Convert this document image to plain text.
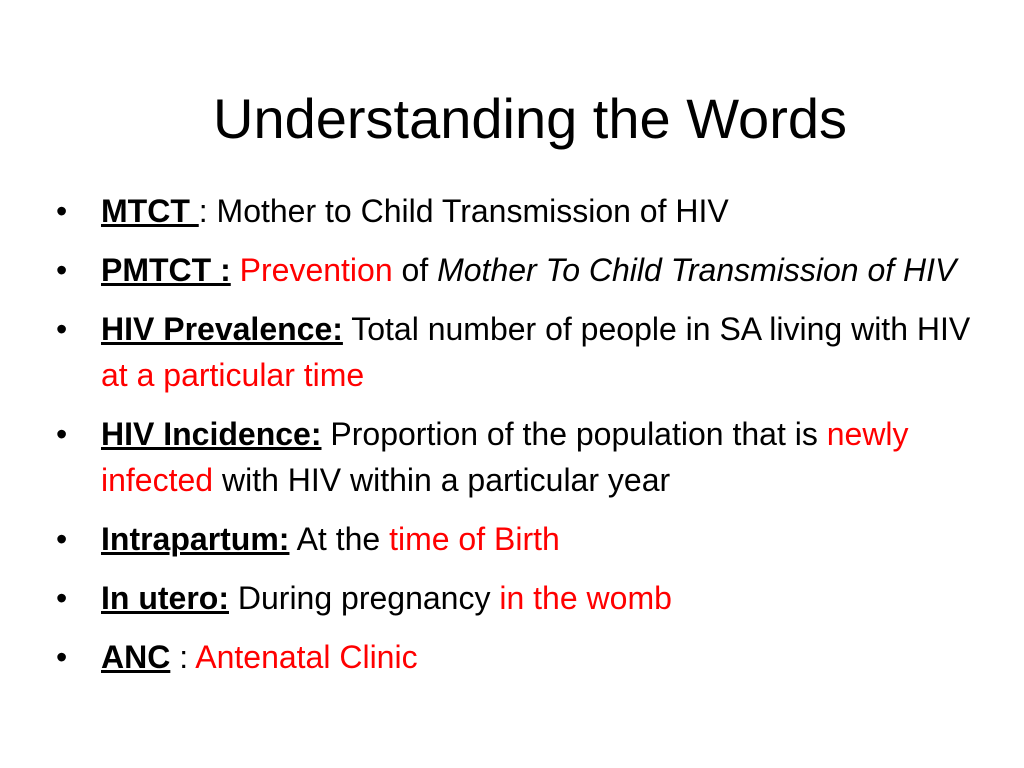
Understanding the Words
• MTCT : Mother to Child Transmission of HIV
• PMTCT : Prevention of Mother To Child Transmission of HIV
• HIV Prevalence: Total number of people in SA living with HIV at a particular time
• HIV Incidence: Proportion of the population that is newly infected with HIV within a particular year
• Intrapartum: At the time of Birth
• In utero: During pregnancy in the womb
• ANC : Antenatal Clinic
